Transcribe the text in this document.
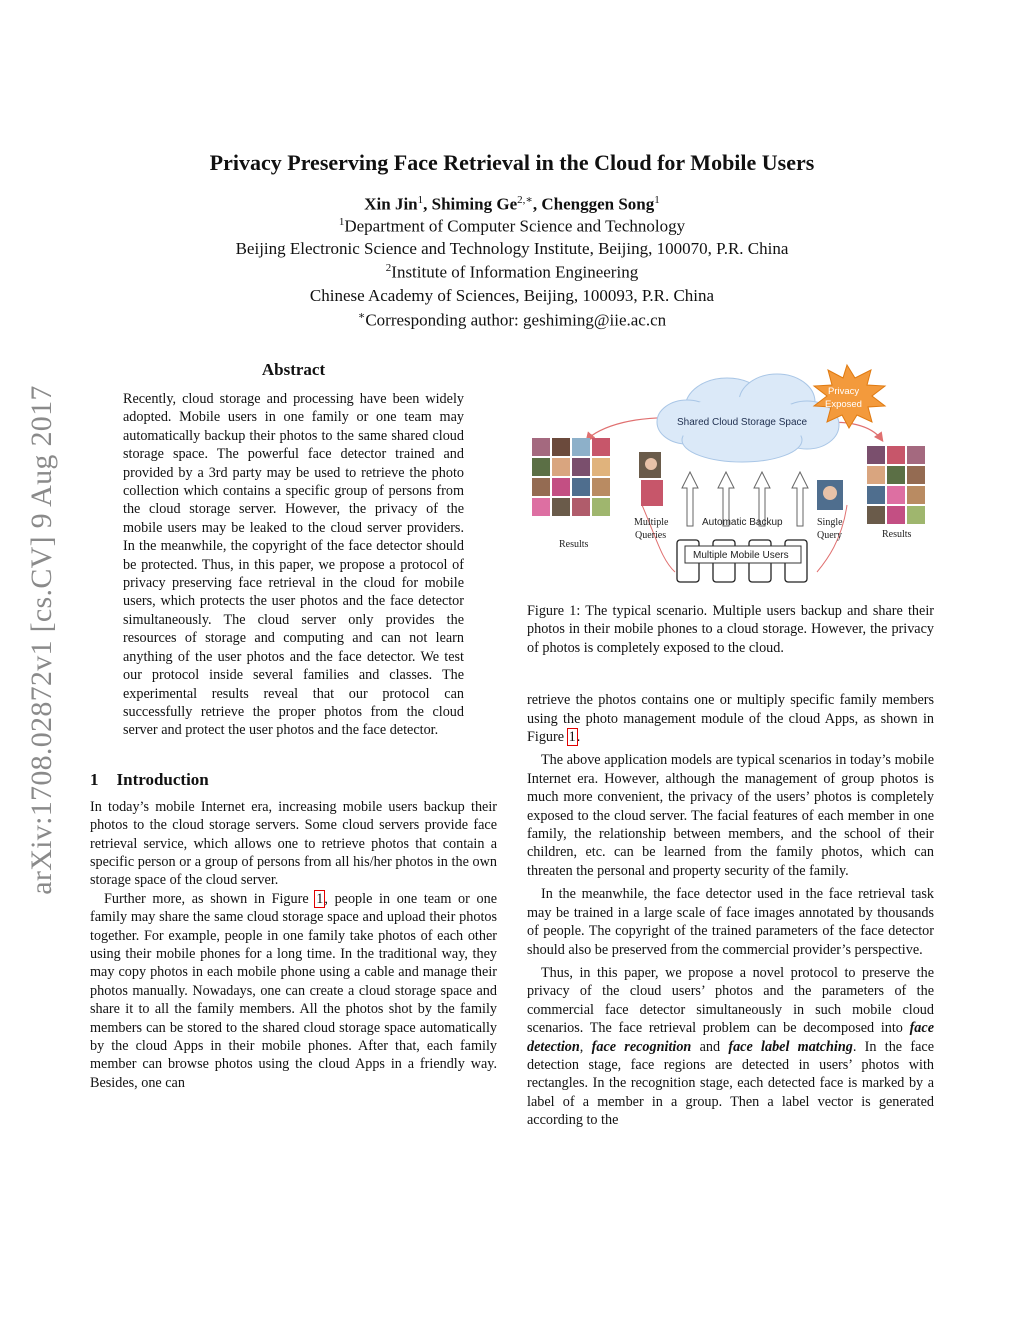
arXiv:1708.02872v1 [cs.CV] 9 Aug 2017
Privacy Preserving Face Retrieval in the Cloud for Mobile Users
Xin Jin$^1$, Shiming $Ge^{2,∗}$, Chenggen Song$^1$
$^1$Department of Computer Science and Technology
Beijing Electronic Science and Technology Institute, Beijing, 100070, P.R. China
$^2$Institute of Information Engineering
Chinese Academy of Sciences, Beijing, 100093, P.R. China
∗Corresponding author: geshiming@iie.ac.cn
Abstract

Recently, cloud storage and processing have been widely adopted. Mobile users in one family or one team may automatically backup their photos to the same shared cloud storage space. The powerful face detector trained and provided by a 3rd party may be used to retrieve the photo collection which contains a specific group of persons from the cloud storage server. However, the privacy of the mobile users may be leaked to the cloud server providers. In the meanwhile, the copyright of the face detector should be protected. Thus, in this paper, we propose a protocol of privacy preserving face retrieval in the cloud for mobile users, which protects the user photos and the face detector simultaneously. The cloud server only provides the resources of storage and computing and can not learn anything of the user photos and the face detector. We test our protocol inside several families and classes. The experimental results reveal that our protocol can successfully retrieve the proper photos from the cloud server and protect the user photos and the face detector.

1 Introduction

In today’s mobile Internet era, increasing mobile users backup their photos to the cloud storage servers. Some cloud servers provide face retrieval service, which allows one to retrieve photos that contain a specific person or a group of persons from all his/her photos in the own storage space of the cloud server.

Further more, as shown in Figure 1, people in one team or one family may share the same cloud storage space and upload their photos together. For example, people in one family take photos of each other using their mobile phones for a long time. In the traditional way, they may copy photos in each mobile phone using a cable and manage their photos manually. Nowadays, one can create a cloud storage space and share it to all the family members. All the photos shot by the family members can be stored to the shared cloud storage space automatically by the cloud Apps in their mobile phones. After that, each family member can browse photos using the cloud Apps in a friendly way. Besides, one can

Shared Cloud Storage Space
Privacy
Exposed
Results
Results
Multiple
Queries
Single
Query
Automatic Backup
Multiple Mobile Users

Figure 1: The typical scenario. Multiple users backup and share their photos in their mobile phones to a cloud storage. However, the privacy of photos is completely exposed to the cloud.

retrieve the photos contains one or multiply specific family members using the photo management module of the cloud Apps, as shown in Figure 1.

The above application models are typical scenarios in today’s mobile Internet era. However, although the management of group photos is much more convenient, the privacy of the users’ photos is completely exposed to the cloud server. The facial features of each member in one family, the relationship between members, and the school of their children, etc. can be learned from the family photos, which can threaten the personal and property security of the family.

In the meanwhile, the face detector used in the face retrieval task may be trained in a large scale of face images annotated by thousands of people. The copyright of the trained parameters of the face detector should also be preserved from the commercial provider’s perspective.

Thus, in this paper, we propose a novel protocol to preserve the privacy of the cloud users’ photos and the parameters of the commercial face detector simultaneously in such mobile cloud scenarios. The face retrieval problem can be decomposed into face detection, face recognition and face label matching. In the face detection stage, face regions are detected in users’ photos with rectangles. In the recognition stage, each detected face is marked by a label of a member in a group. Then a label vector is generated according to the
